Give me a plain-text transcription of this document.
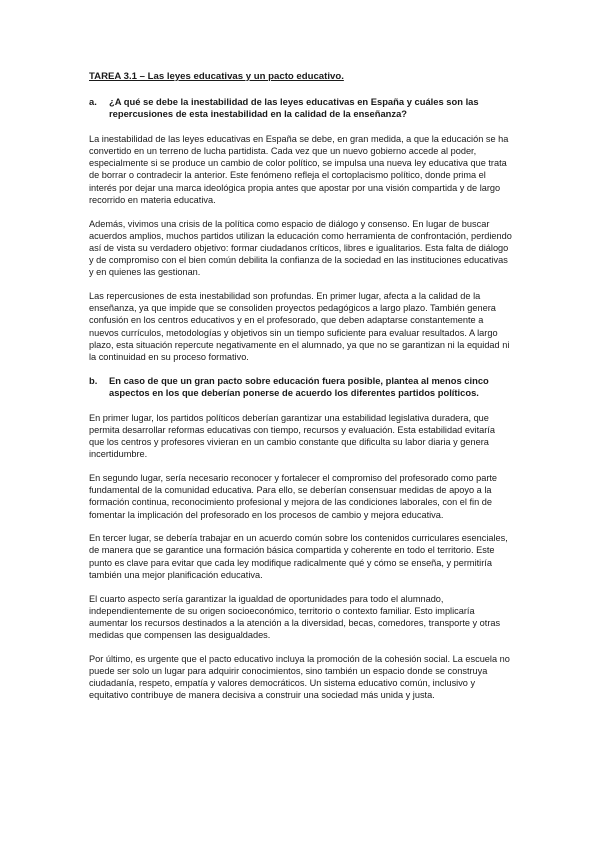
TAREA 3.1 – Las leyes educativas y un pacto educativo.
a.	¿A qué se debe la inestabilidad de las leyes educativas en España y cuáles son las repercusiones de esta inestabilidad en la calidad de la enseñanza?

La inestabilidad de las leyes educativas en España se debe, en gran medida, a que la educación se ha convertido en un terreno de lucha partidista. Cada vez que un nuevo gobierno accede al poder, especialmente si se produce un cambio de color político, se impulsa una nueva ley educativa que trata de borrar o contradecir la anterior. Este fenómeno refleja el cortoplacismo político, donde prima el interés por dejar una marca ideológica propia antes que apostar por una visión compartida y de largo recorrido en materia educativa.

Además, vivimos una crisis de la política como espacio de diálogo y consenso. En lugar de buscar acuerdos amplios, muchos partidos utilizan la educación como herramienta de confrontación, perdiendo así de vista su verdadero objetivo: formar ciudadanos críticos, libres e igualitarios. Esta falta de diálogo y de compromiso con el bien común debilita la confianza de la sociedad en las instituciones educativas y en quienes las gestionan.

Las repercusiones de esta inestabilidad son profundas. En primer lugar, afecta a la calidad de la enseñanza, ya que impide que se consoliden proyectos pedagógicos a largo plazo. También genera confusión en los centros educativos y en el profesorado, que deben adaptarse constantemente a nuevos currículos, metodologías y objetivos sin un tiempo suficiente para evaluar resultados. A largo plazo, esta situación repercute negativamente en el alumnado, ya que no se garantizan ni la equidad ni la continuidad en su proceso formativo.

b.	En caso de que un gran pacto sobre educación fuera posible, plantea al menos cinco aspectos en los que deberían ponerse de acuerdo los diferentes partidos políticos.

En primer lugar, los partidos políticos deberían garantizar una estabilidad legislativa duradera, que permita desarrollar reformas educativas con tiempo, recursos y evaluación. Esta estabilidad evitaría que los centros y profesores vivieran en un cambio constante que dificulta su labor diaria y genera incertidumbre.

En segundo lugar, sería necesario reconocer y fortalecer el compromiso del profesorado como parte fundamental de la comunidad educativa. Para ello, se deberían consensuar medidas de apoyo a la formación continua, reconocimiento profesional y mejora de las condiciones laborales, con el fin de fomentar la implicación del profesorado en los procesos de cambio y mejora educativa.

En tercer lugar, se debería trabajar en un acuerdo común sobre los contenidos curriculares esenciales, de manera que se garantice una formación básica compartida y coherente en todo el territorio. Este punto es clave para evitar que cada ley modifique radicalmente qué y cómo se enseña, y permitiría también una mejor planificación educativa.

El cuarto aspecto sería garantizar la igualdad de oportunidades para todo el alumnado, independientemente de su origen socioeconómico, territorio o contexto familiar. Esto implicaría aumentar los recursos destinados a la atención a la diversidad, becas, comedores, transporte y otras medidas que compensen las desigualdades.

Por último, es urgente que el pacto educativo incluya la promoción de la cohesión social. La escuela no puede ser solo un lugar para adquirir conocimientos, sino también un espacio donde se construya ciudadanía, respeto, empatía y valores democráticos. Un sistema educativo común, inclusivo y equitativo contribuye de manera decisiva a construir una sociedad más unida y justa.
